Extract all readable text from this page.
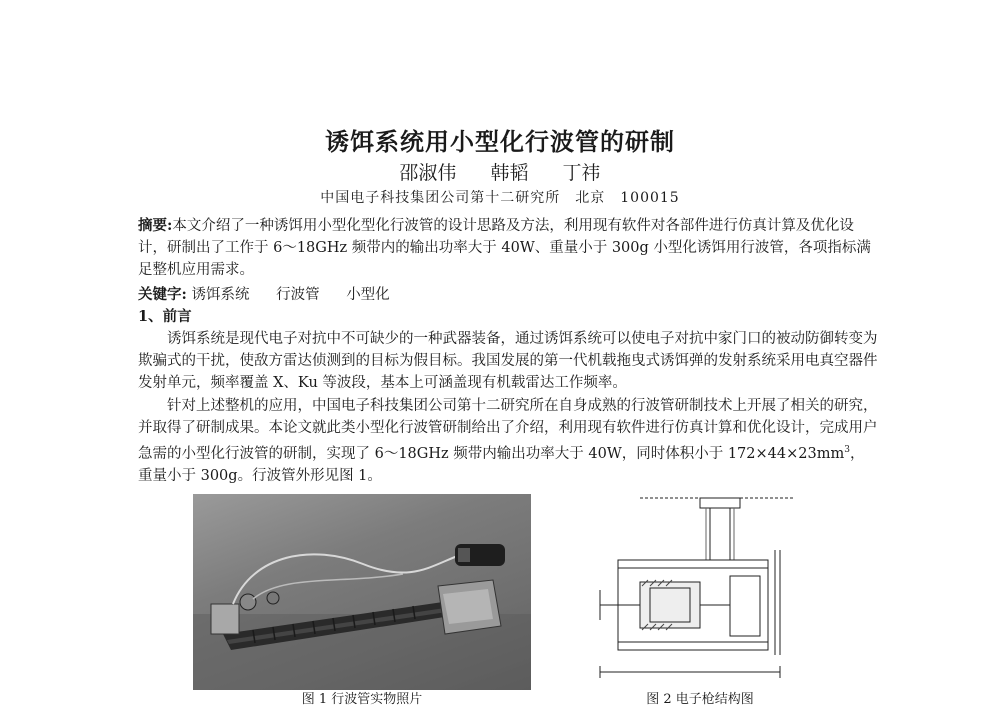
诱饵系统用小型化行波管的研制
邵淑伟 韩韬 丁祎
中国电子科技集团公司第十二研究所　北京　100015
摘要:本文介绍了一种诱饵用小型化型化行波管的设计思路及方法，利用现有软件对各部件进行仿真计算及优化设计，研制出了工作于 6～18GHz 频带内的输出功率大于 40W、重量小于 300g 小型化诱饵用行波管，各项指标满足整机应用需求。
关键字: 诱饵系统 行波管 小型化
1、前言
诱饵系统是现代电子对抗中不可缺少的一种武器装备，通过诱饵系统可以使电子对抗中家门口的被动防御转变为欺骗式的干扰，使敌方雷达侦测到的目标为假目标。我国发展的第一代机载拖曳式诱饵弹的发射系统采用电真空器件发射单元，频率覆盖 X、Ku 等波段，基本上可涵盖现有机载雷达工作频率。
针对上述整机的应用，中国电子科技集团公司第十二研究所在自身成熟的行波管研制技术上开展了相关的研究，并取得了研制成果。本论文就此类小型化行波管研制给出了介绍，利用现有软件进行仿真计算和优化设计，完成用户急需的小型化行波管的研制，实现了 6～18GHz 频带内输出功率大于 40W，同时体积小于 $172\times 44\times 23mm^3$，重量小于 300g。行波管外形见图 1。
图 1 行波管实物照片	图 2 电子枪结构图
